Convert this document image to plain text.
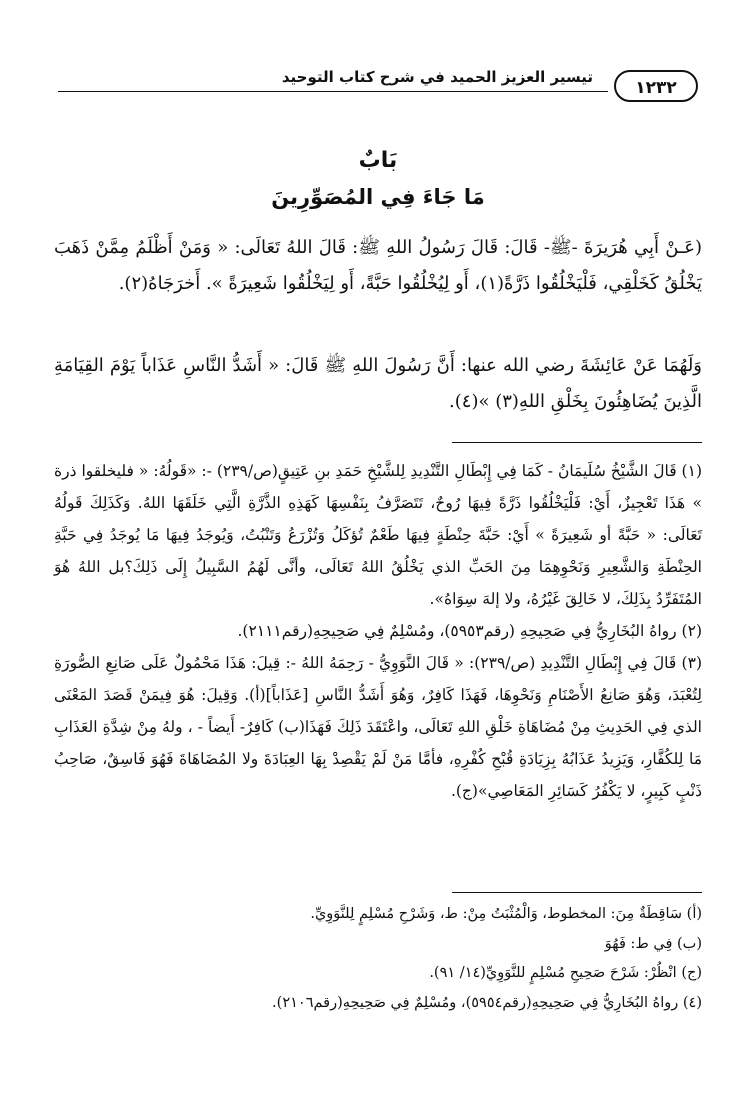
تيسير العزيز الحميد في شرح كتاب التوحيد
١٢٣٢
بَابٌ
مَا جَاءَ فِي المُصَوِّرِينَ

(عَـنْ أَبِي هُرَيرَةَ -ﷺ- قَالَ: قَالَ رَسُولُ اللهِ ﷺ: قَالَ اللهُ تَعَالَى: « وَمَنْ أَظْلَمُ مِمَّنْ ذَهَبَ يَخْلُقُ كَخَلْقِي، فَلْيَخْلُقُوا ذَرَّةً(١)، أَو لِيُخْلُقُوا حَبَّةً، أَو لِيَخْلُقُوا شَعِيرَةً ». أَخرَجَاهُ(٢).

وَلَهُمَا عَنْ عَائِشَةَ رضي الله عنها: أَنَّ رَسُولَ اللهِ ﷺ قَالَ: « أَشَدُّ النَّاسِ عَذَاباً يَوْمَ القِيَامَةِ الَّذِينَ يُضَاهِئُونَ بِخَلْقِ اللهِ(٣) »(٤).

(١) قَالَ الشَّيْخُ سُلَيمَانُ - كَمَا فِي إِبْطَالِ التَّنْدِيدِ لِلشَّيْخِ حَمَدِ بنِ عَتِيقٍ(ص/٢٣٩) -: «قَولُهُ: « فليخلقوا ذرة » هَذَا تَعْجِيزٌ، أَيْ: فَلْيَخْلُقُوا ذَرَّةً فِيهَا رُوحٌ، تَتَصَرَّفُ بِنَفْسِهَا كَهَذِهِ الذَّرَّةِ الَّتِي خَلَقَهَا اللهُ. وَكَذَلِكَ قَولُهُ تَعَالَى: « حَبَّةً أو شَعِيرَةً » أَيْ: حَبَّةَ حِنْطَةٍ فِيهَا طَعْمٌ تُؤكَلُ وَتُزْرَعُ وَتَنْبُتُ، وَيُوجَدُ فِيهَا مَا يُوجَدُ فِي حَبَّةِ الحِنْطَةِ وَالشَّعِيرِ وَنَحْوِهِمَا مِنَ الحَبِّ الذي يَخْلُقُ اللهُ تَعَالَى، وأنَّى لَهُمُ السَّبِيلُ إِلَى ذَلِكَ؟بل اللهُ هُوَ المُتَفَرِّدُ بِذَلِكَ، لا خَالِقَ غَيْرُهُ، ولا إلهَ سِوَاهُ».
(٢) رواهُ البُخَارِيُّ فِي صَحِيحِهِ (رقم٥٩٥٣)، ومُسْلِمٌ فِي صَحِيحِهِ(رقم٢١١١).
(٣) قَالَ فِي إِبْطَالِ التَّنْدِيدِ (ص/٢٣٩): « قَالَ النَّوَوِيُّ - رَحِمَهُ اللهُ -: قِيلَ: هَذَا مَحْمُولٌ عَلَى صَانِعِ الصُّورَةِ لِتُعْبَدَ، وَهُوَ صَانِعُ الأَصْنَامِ وَنَحْوِهَا، فَهَذَا كَافِرٌ، وَهُوَ أَشَدُّ النَّاسِ [عَذَاباً](أ). وَقِيلَ: هُوَ فِيمَنْ قَصَدَ المَعْنَى الذي فِي الحَدِيثِ مِنْ مُضَاهَاةِ خَلْقِ اللهِ تَعَالَى، واعْتَقَدَ ذَلِكَ فَهَذَا(ب) كَافِرٌ- أَيضاً - ، ولهُ مِنْ شِدَّةِ العَذَابِ مَا لِلكُفَّارِ، وَيَزِيدُ عَذَابُهُ بِزِيَادَةِ قُبْحِ كُفْرِهِ، فأمَّا مَنْ لَمْ يَقْصِدْ بِهَا العِبَادَةَ ولا المُضَاهَاةَ فَهُوَ فَاسِقٌ، صَاحِبُ ذَنْبٍ كَبِيرٍ، لا يَكْفُرُ كَسَائِرِ المَعَاصِي»(ج).
(أ) سَاقِطَةٌ مِنَ: المخطوط، وَالْمُثْبَتُ مِنْ: ط، وَشَرْحِ مُسْلِمٍ لِلنَّوَوِيِّ.
(ب) فِي ط: فَهُوَ
(ج) انْظُرْ: شَرْحَ صَحِيحِ مُسْلِمٍ للنَّوَوِيِّ(١٤/ ٩١).
(٤) رواهُ البُخَارِيُّ فِي صَحِيحِهِ(رقم٥٩٥٤)، ومُسْلِمٌ فِي صَحِيحِهِ(رقم٢١٠٦).
